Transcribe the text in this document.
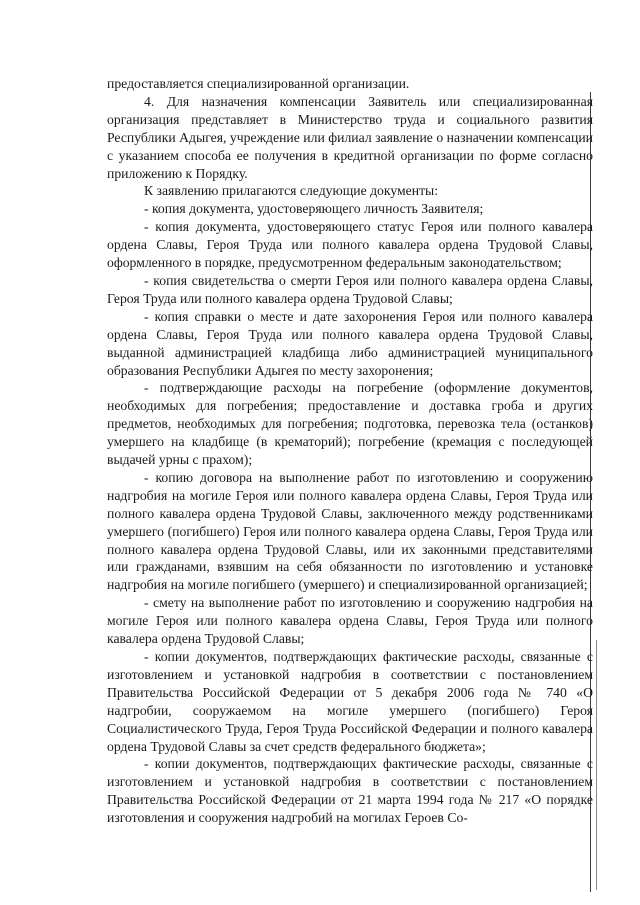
предоставляется специализированной организации.

4. Для назначения компенсации Заявитель или специализированная организация представляет в Министерство труда и социального развития Республики Адыгея, учреждение или филиал заявление о назначении компенсации с указанием способа ее получения в кредитной организации по форме согласно приложению к Порядку.

К заявлению прилагаются следующие документы:

- копия документа, удостоверяющего личность Заявителя;

- копия документа, удостоверяющего статус Героя или полного кавалера ордена Славы, Героя Труда или полного кавалера ордена Трудовой Славы, оформленного в порядке, предусмотренном федеральным законодательством;

- копия свидетельства о смерти Героя или полного кавалера ордена Славы, Героя Труда или полного кавалера ордена Трудовой Славы;

- копия справки о месте и дате захоронения Героя или полного кавалера ордена Славы, Героя Труда или полного кавалера ордена Трудовой Славы, выданной администрацией кладбища либо администрацией муниципального образования Республики Адыгея по месту захоронения;

- подтверждающие расходы на погребение (оформление документов, необходимых для погребения; предоставление и доставка гроба и других предметов, необходимых для погребения; подготовка, перевозка тела (останков) умершего на кладбище (в крематорий); погребение (кремация с последующей выдачей урны с прахом);

- копию договора на выполнение работ по изготовлению и сооружению надгробия на могиле Героя или полного кавалера ордена Славы, Героя Труда или полного кавалера ордена Трудовой Славы, заключенного между родственниками умершего (погибшего) Героя или полного кавалера ордена Славы, Героя Труда или полного кавалера ордена Трудовой Славы, или их законными представителями или гражданами, взявшим на себя обязанности по изготовлению и установке надгробия на могиле погибшего (умершего) и специализированной организацией;

- смету на выполнение работ по изготовлению и сооружению надгробия на могиле Героя или полного кавалера ордена Славы, Героя Труда или полного кавалера ордена Трудовой Славы;

- копии документов, подтверждающих фактические расходы, связанные с изготовлением и установкой надгробия в соответствии с постановлением Правительства Российской Федерации от 5 декабря 2006 года № 740 «О надгробии, сооружаемом на могиле умершего (погибшего) Героя Социалистического Труда, Героя Труда Российской Федерации и полного кавалера ордена Трудовой Славы за счет средств федерального бюджета»;

- копии документов, подтверждающих фактические расходы, связанные с изготовлением и установкой надгробия в соответствии с постановлением Правительства Российской Федерации от 21 марта 1994 года № 217 «О порядке изготовления и сооружения надгробий на могилах Героев Со-
